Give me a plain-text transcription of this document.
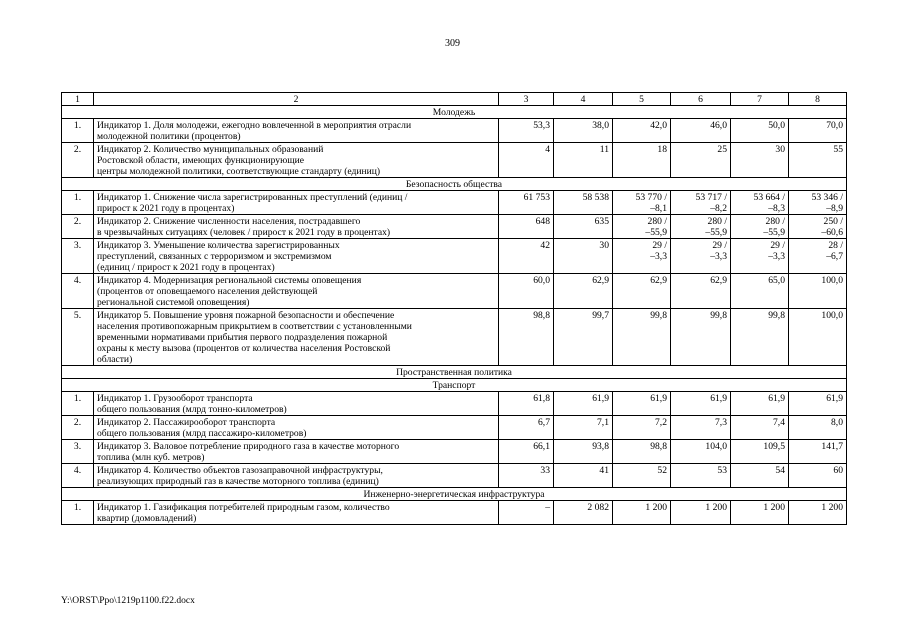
309
1	2	3	4	5	6	7	8
Молодежь							
1.	Индикатор 1. Доля молодежи, ежегодно вовлеченной в мероприятия отрасли
молодежной политики (процентов)	53,3	38,0	42,0	46,0	50,0	70,0
2.	Индикатор 2. Количество муниципальных образований
Ростовской области, имеющих функционирующие
центры молодежной политики, соответствующие стандарту (единиц)	4	11	18	25	30	55
Безопасность общества							
1.	Индикатор 1. Снижение числа зарегистрированных преступлений (единиц /
прирост к 2021 году в процентах)	61 753	58 538	53 770 /
–8,1	53 717 /
–8,2	53 664 /
–8,3	53 346 /
–8,9
2.	Индикатор 2. Снижение численности населения, пострадавшего
в чрезвычайных ситуациях (человек / прирост к 2021 году в процентах)	648	635	280 /
–55,9	280 /
–55,9	280 /
–55,9	250 /
–60,6
3.	Индикатор 3. Уменьшение количества зарегистрированных
преступлений, связанных с терроризмом и экстремизмом
(единиц / прирост к 2021 году в процентах)	42	30	29 /
–3,3	29 /
–3,3	29 /
–3,3	28 /
–6,7
4.	Индикатор 4. Модернизация региональной системы оповещения
(процентов от оповещаемого населения действующей
региональной системой оповещения)	60,0	62,9	62,9	62,9	65,0	100,0
5.	Индикатор 5. Повышение уровня пожарной безопасности и обеспечение
населения противопожарным прикрытием в соответствии с установленными
временными нормативами прибытия первого подразделения пожарной
охраны к месту вызова (процентов от количества населения Ростовской
области)	98,8	99,7	99,8	99,8	99,8	100,0
Пространственная политика							
Транспорт							
1.	Индикатор 1. Грузооборот транспорта
общего пользования (млрд тонно-километров)	61,8	61,9	61,9	61,9	61,9	61,9
2.	Индикатор 2. Пассажирооборот транспорта
общего пользования (млрд пассажиро-километров)	6,7	7,1	7,2	7,3	7,4	8,0
3.	Индикатор 3. Валовое потребление природного газа в качестве моторного
топлива (млн куб. метров)	66,1	93,8	98,8	104,0	109,5	141,7
4.	Индикатор 4. Количество объектов газозаправочной инфраструктуры,
реализующих природный газ в качестве моторного топлива (единиц)	33	41	52	53	54	60
Инженерно-энергетическая инфраструктура							
1.	Индикатор 1. Газификация потребителей природным газом, количество
квартир (домовладений)	–	2 082	1 200	1 200	1 200	1 200
Y:\ORST\Ppo\1219p1100.f22.docx
